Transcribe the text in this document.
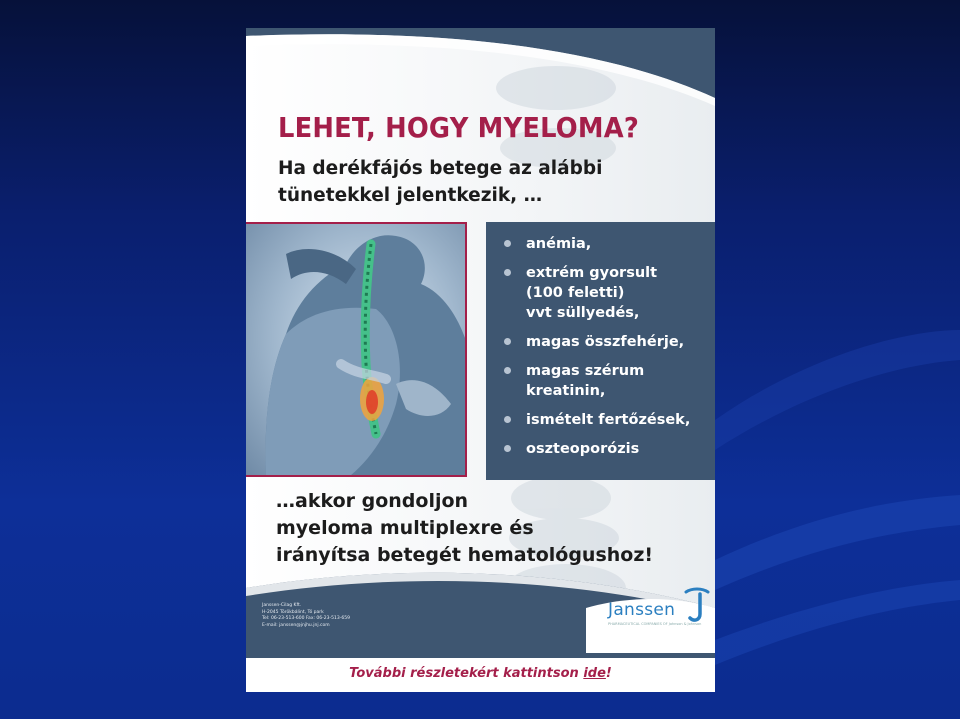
LEHET, HOGY MYELOMA?

Ha derékfájós betege az alábbi
tünetekkel jelentkezik, …

anémia,
extrém gyorsult
(100 feletti)
vvt süllyedés,
magas összfehérje,
magas szérum
kreatinin,
ismételt fertőzések,
oszteoporózis

…akkor gondoljon
myeloma multiplexre és
irányítsa betegét hematológushoz!

Janssen-Cilag Kft.
H-2045 Törökbálint, Tó park
Tel: 06-23-513-600 Fax: 06-23-513-659
E-mail: janssen@jnjhu.jnj.com

Janssen
PHARMACEUTICAL COMPANIES OF Johnson & Johnson

További részletekért kattintson ide!
